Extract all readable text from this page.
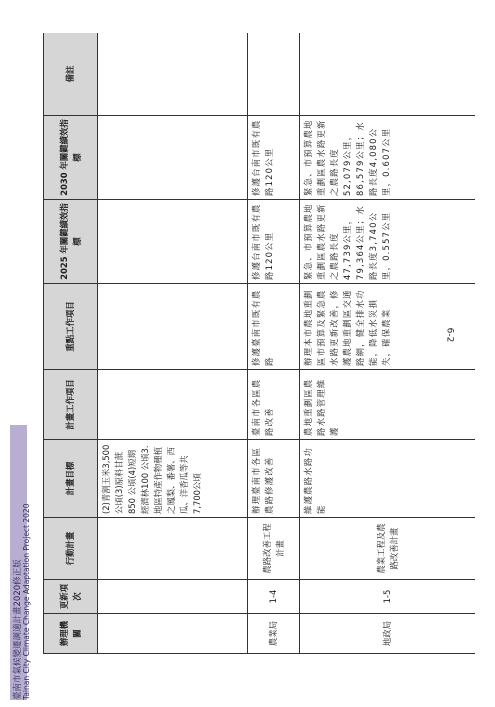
臺南市氣候變遷調適計畫2020修正版 Tainan City Climate Change Adaptation Project 2020
6-2
辦理機關	更新項次	行動計畫	計畫目標	計畫工作項目	重點工作項目	2025 年關鍵績效指標	2030 年關鍵績效指標	備註
			(2)青割玉米3,500 公頃(3)原料甘蔗850 公頃(4)短期經濟林100 公頃3.地區特產作物種植之鳳梨、番薯、西瓜、洋香瓜等共7,700公頃					
農業局	1-4	農路改善工程計畫	辦理臺南市各區農路修護改善	臺南市各區農路改善	修護臺南市既有農路	修護台南市既有農路120公里	修護台南市既有農路120公里	
地政局	1-5	農業工程及農路改善計畫	維護農路水路功能	農地重劃區農路水路管理維護	辦理本市農地重劃區市預算及緊急農水路更新改善，修護農地重劃區交通路網，健全排水功能，降低水災損失，確保農業	緊急、市預算農地重劃區農水路更新之農路長度47,739公里，79,364公里；水路長度3,740公里，0.557公里	緊急、市預算農地重劃區農水路更新之農路長度52,079公里，86,579公里；水路長度4,080公里，0.607公里	
